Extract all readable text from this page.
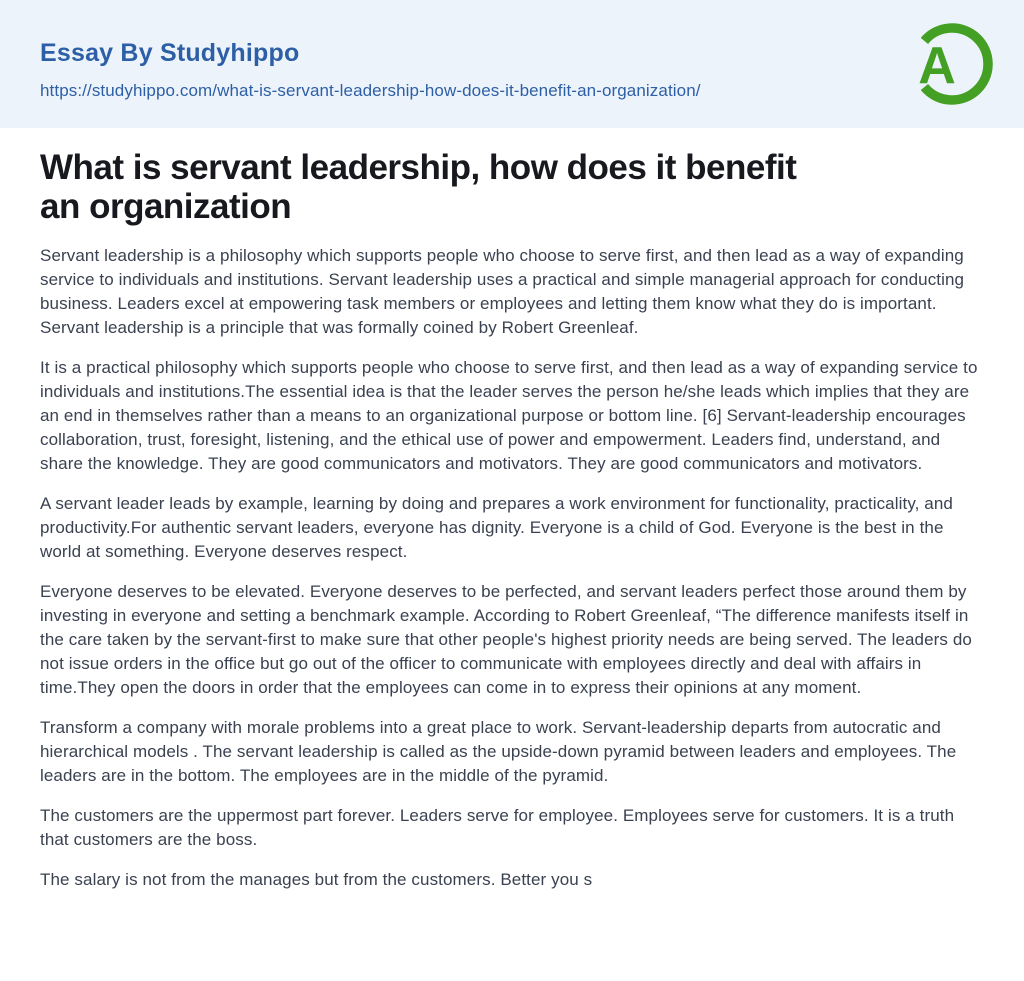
Essay By Studyhippo
https://studyhippo.com/what-is-servant-leadership-how-does-it-benefit-an-organization/	A
What is servant leadership, how does it benefit
an organization

Servant leadership is a philosophy which supports people who choose to serve first, and then lead as a way of expanding service to individuals and institutions. Servant leadership uses a practical and simple managerial approach for conducting business. Leaders excel at empowering task members or employees and letting them know what they do is important. Servant leadership is a principle that was formally coined by Robert Greenleaf.

It is a practical philosophy which supports people who choose to serve first, and then lead as a way of expanding service to individuals and institutions.The essential idea is that the leader serves the person he/she leads which implies that they are an end in themselves rather than a means to an organizational purpose or bottom line. [6] Servant-leadership encourages collaboration, trust, foresight, listening, and the ethical use of power and empowerment. Leaders find, understand, and share the knowledge. They are good communicators and motivators. They are good communicators and motivators.

A servant leader leads by example, learning by doing and prepares a work environment for functionality, practicality, and productivity.For authentic servant leaders, everyone has dignity. Everyone is a child of God. Everyone is the best in the world at something. Everyone deserves respect.

Everyone deserves to be elevated. Everyone deserves to be perfected, and servant leaders perfect those around them by investing in everyone and setting a benchmark example. According to Robert Greenleaf, “The difference manifests itself in the care taken by the servant-first to make sure that other people's highest priority needs are being served. The leaders do not issue orders in the office but go out of the officer to communicate with employees directly and deal with affairs in time.They open the doors in order that the employees can come in to express their opinions at any moment.

Transform a company with morale problems into a great place to work. Servant-leadership departs from autocratic and hierarchical models . The servant leadership is called as the upside-down pyramid between leaders and employees. The leaders are in the bottom. The employees are in the middle of the pyramid.

The customers are the uppermost part forever. Leaders serve for employee. Employees serve for customers. It is a truth that customers are the boss.

The salary is not from the manages but from the customers. Better you s
